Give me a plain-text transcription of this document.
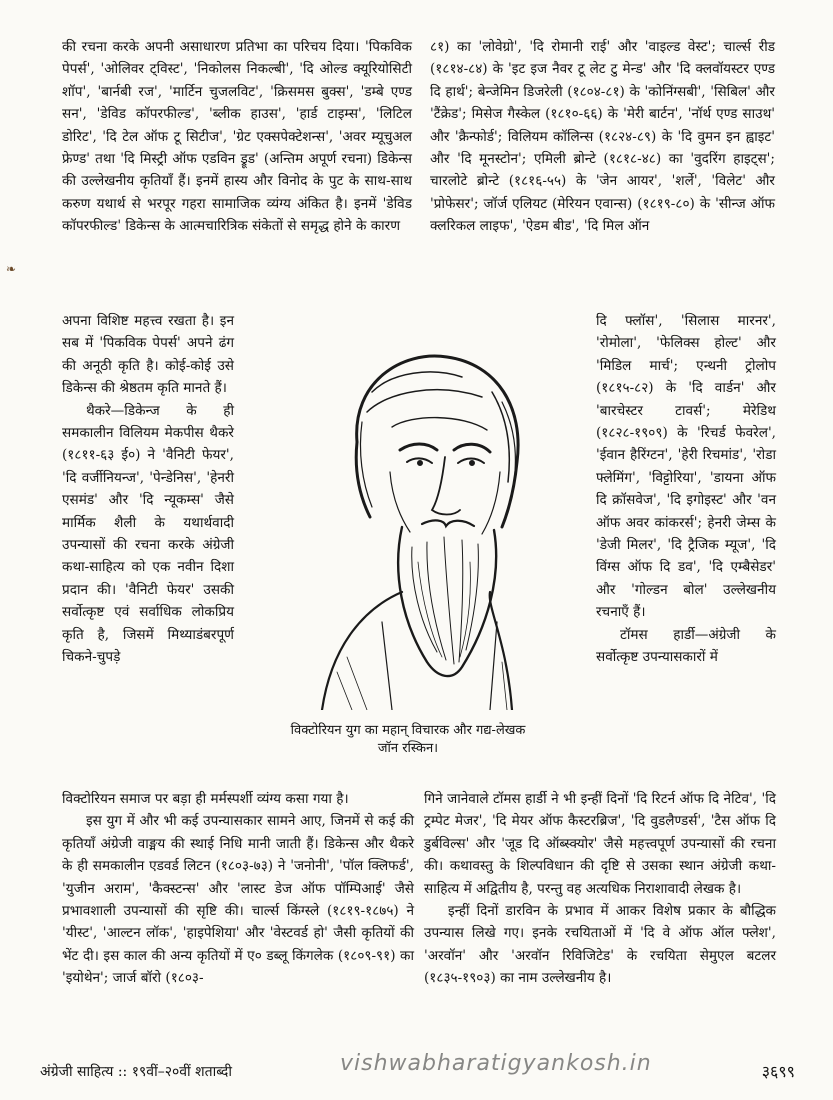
❧

की रचना करके अपनी असाधारण प्रतिभा का परिचय दिया। 'पिकविक पेपर्स', 'ओलिवर ट्विस्ट', 'निकोलस निकल्बी', 'दि ओल्ड क्यूरियोसिटी शॉप', 'बार्नबी रज', 'मार्टिन चुजलविट', 'क्रिसमस बुक्स', 'डम्बे एण्ड सन', 'डेविड कॉपरफील्ड', 'ब्लीक हाउस', 'हार्ड टाइम्स', 'लिटिल डोरिट', 'दि टेल ऑफ टू सिटीज', 'ग्रेट एक्सपेक्टेशन्स', 'अवर म्यूचुअल फ्रेण्ड' तथा 'दि मिस्ट्री ऑफ एडविन ड्रूड' (अन्तिम अपूर्ण रचना) डिकेन्स की उल्लेखनीय कृतियाँ हैं। इनमें हास्य और विनोद के पुट के साथ-साथ करुण यथार्थ से भरपूर गहरा सामाजिक व्यंग्य अंकित है। इनमें 'डेविड कॉपरफील्ड' डिकेन्स के आत्मचारित्रिक संकेतों से समृद्ध होने के कारण

८१) का 'लोवेग्रो', 'दि रोमानी राई' और 'वाइल्ड वेस्ट'; चार्ल्स रीड (१८१४-८४) के 'इट इज नैवर टू लेट टु मेन्ड' और 'दि क्लवॉयस्टर एण्ड दि हार्थ'; बेन्जेमिन डिजरेली (१८०४-८१) के 'कोनिंग्सबी', 'सिबिल' और 'टैंक्रेड'; मिसेज गैस्केल (१८१०-६६) के 'मेरी बार्टन', 'नॉर्थ एण्ड साउथ' और 'क्रैन्फोर्ड'; विलियम कॉलिन्स (१८२४-८९) के 'दि वुमन इन ह्वाइट' और 'दि मूनस्टोन'; एमिली ब्रोन्टे (१८१८-४८) का 'वुदरिंग हाइट्स'; चारलोटे ब्रोन्टे (१८१६-५५) के 'जेन आयर', 'शर्ले', 'विलेट' और 'प्रोफेसर'; जॉर्ज एलियट (मेरियन एवान्स) (१८१९-८०) के 'सीन्ज ऑफ क्लरिकल लाइफ', 'ऐडम बीड', 'दि मिल ऑन

अपना विशिष्ट महत्त्व रखता है। इन सब में 'पिकविक पेपर्स' अपने ढंग की अनूठी कृति है। कोई-कोई उसे डिकेन्स की श्रेष्ठतम कृति मानते हैं।

थैकरे—डिकेन्ज के ही समकालीन विलियम मेकपीस थैकरे (१८११-६३ ई०) ने 'वैनिटी फेयर', 'दि वर्जीनियन्ज', 'पेन्डेनिस', 'हेनरी एसमंड' और 'दि न्यूकम्स' जैसे मार्मिक शैली के यथार्थवादी उपन्यासों की रचना करके अंग्रेजी कथा-साहित्य को एक नवीन दिशा प्रदान की। 'वैनिटी फेयर' उसकी सर्वोत्कृष्ट एवं सर्वाधिक लोकप्रिय कृति है, जिसमें मिथ्याडंबरपूर्ण चिकने-चुपड़े

दि फ्लॉस', 'सिलास मारनर', 'रोमोला', 'फेलिक्स होल्ट' और 'मिडिल मार्च'; एन्थनी ट्रोलोप (१८१५-८२) के 'दि वार्डन' और 'बारचेस्टर टावर्स'; मेरेडिथ (१८२८-१९०९) के 'रिचर्ड फेवरेल', 'ईवान हैरिंग्टन', 'हेरी रिचमांड', 'रोडा फ्लेमिंग', 'विट्टोरिया', 'डायना ऑफ दि क्रॉसवेज', 'दि इगोइस्ट' और 'वन ऑफ अवर कांकरर्स'; हेनरी जेम्स के 'डेजी मिलर', 'दि ट्रैजिक म्यूज', 'दि विंग्स ऑफ दि डव', 'दि एम्बैसेडर' और 'गोल्डन बोल' उल्लेखनीय रचनाएँ हैं।

टॉमस हार्डी—अंग्रेजी के सर्वोत्कृष्ट उपन्यासकारों में

विक्टोरियन युग का महान् विचारक और गद्य-लेखक

जॉन रस्किन।

विक्टोरियन समाज पर बड़ा ही मर्मस्पर्शी व्यंग्य कसा गया है।

इस युग में और भी कई उपन्यासकार सामने आए, जिनमें से कई की कृतियाँ अंग्रेजी वाङ्मय की स्थाई निधि मानी जाती हैं। डिकेन्स और थैकरे के ही समकालीन एडवर्ड लिटन (१८०३-७३) ने 'जनोनी', 'पॉल क्लिफर्ड', 'युजीन अराम', 'कैक्स्टन्स' और 'लास्ट डेज ऑफ पॉम्पिआई' जैसे प्रभावशाली उपन्यासों की सृष्टि की। चार्ल्स किंग्स्ले (१८१९-१८७५) ने 'यीस्ट', 'आल्टन लॉक', 'हाइपेशिया' और 'वेस्टवर्ड हो' जैसी कृतियों की भेंट दी। इस काल की अन्य कृतियों में ए० डब्लू किंगलेक (१८०९-९१) का 'इयोथेन'; जार्ज बॉरो (१८०३-

गिने जानेवाले टॉमस हार्डी ने भी इन्हीं दिनों 'दि रिटर्न ऑफ दि नेटिव', 'दि ट्रम्पेट मेजर', 'दि मेयर ऑफ कैस्टरब्रिज', 'दि वुडलैण्डर्स', 'टैस ऑफ दि डुर्बविल्स' और 'जूड दि ऑब्स्क्योर' जैसे महत्त्वपूर्ण उपन्यासों की रचना की। कथावस्तु के शिल्पविधान की दृष्टि से उसका स्थान अंग्रेजी कथा-साहित्य में अद्वितीय है, परन्तु वह अत्यधिक निराशावादी लेखक है।

इन्हीं दिनों डारविन के प्रभाव में आकर विशेष प्रकार के बौद्धिक उपन्यास लिखे गए। इनके रचयिताओं में 'दि वे ऑफ ऑल फ्लेश', 'अरवॉन' और 'अरवॉन रिविजिटेड' के रचयिता सेमुएल बटलर (१८३५-१९०३) का नाम उल्लेखनीय है।

अंग्रेजी साहित्य :: १९वीं–२०वीं शताब्दी	vishwabharatigyankosh.in	३६९९
